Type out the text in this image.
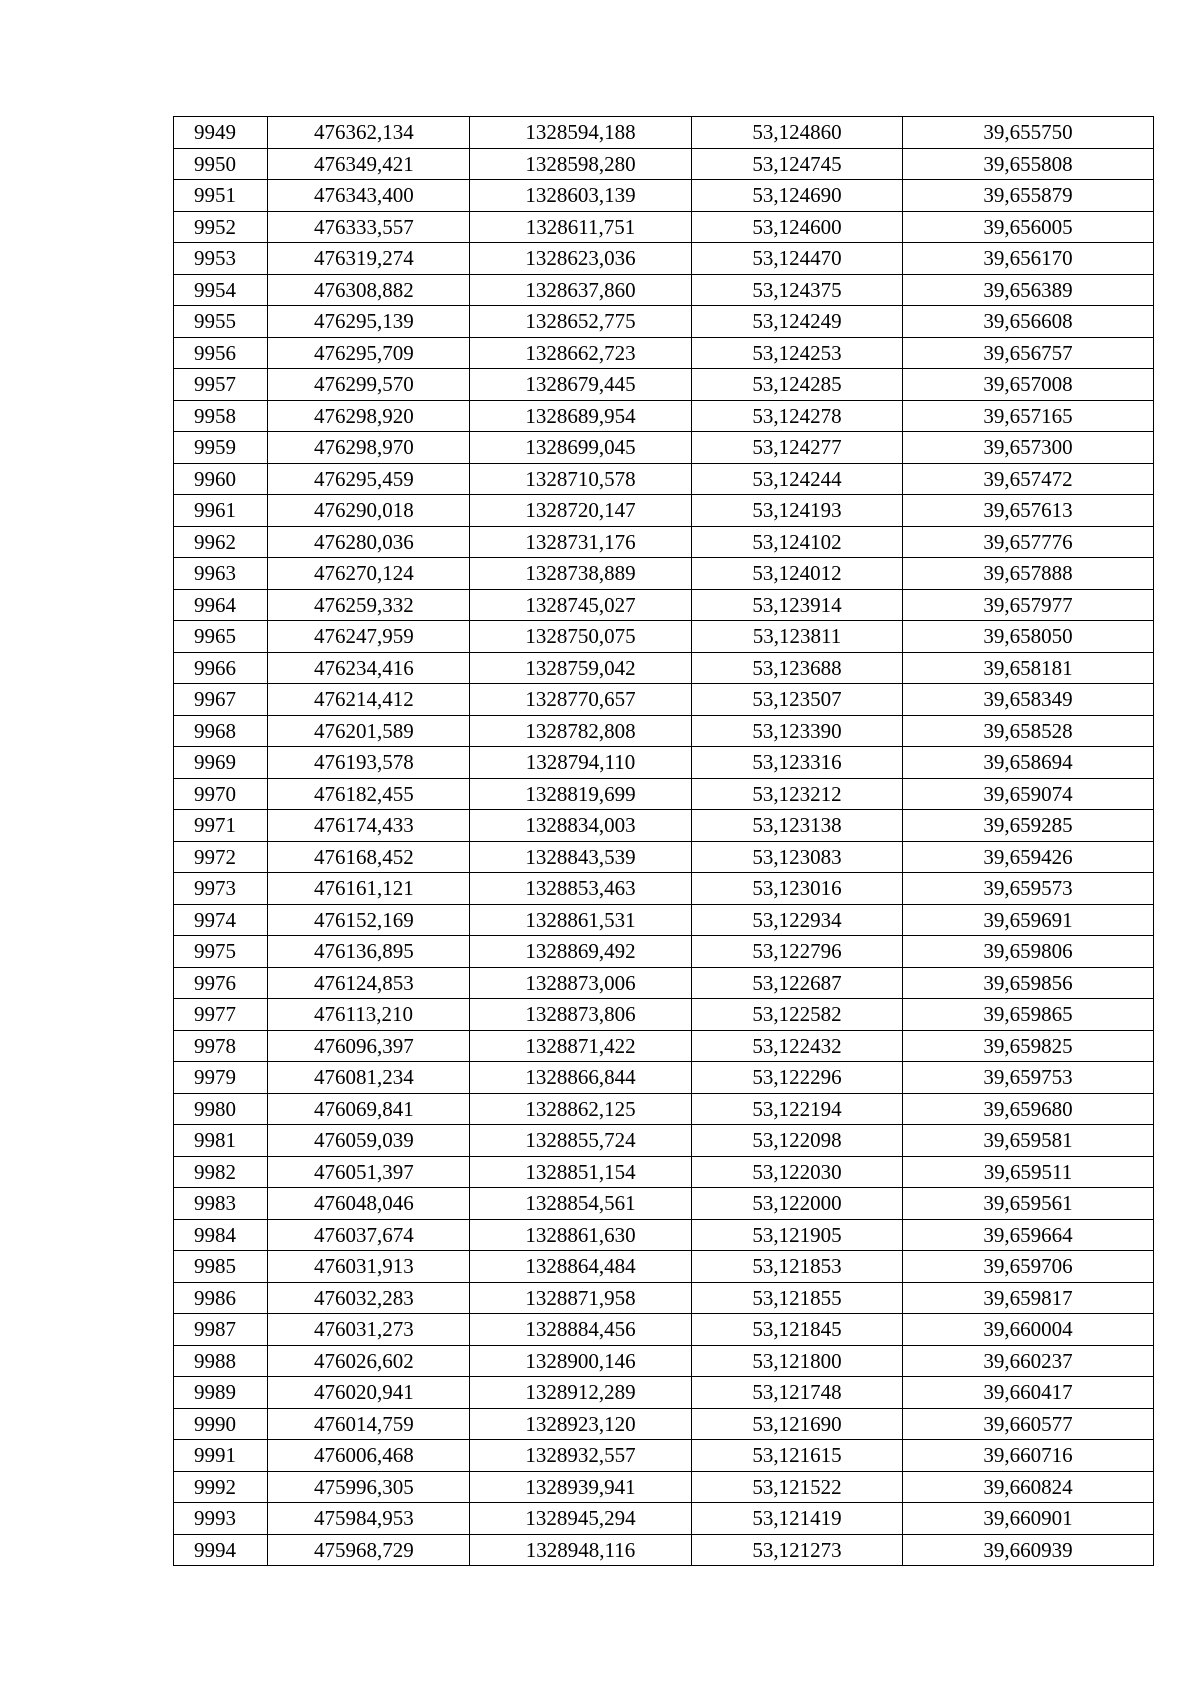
9949	476362,134	1328594,188	53,124860	39,655750
9950	476349,421	1328598,280	53,124745	39,655808
9951	476343,400	1328603,139	53,124690	39,655879
9952	476333,557	1328611,751	53,124600	39,656005
9953	476319,274	1328623,036	53,124470	39,656170
9954	476308,882	1328637,860	53,124375	39,656389
9955	476295,139	1328652,775	53,124249	39,656608
9956	476295,709	1328662,723	53,124253	39,656757
9957	476299,570	1328679,445	53,124285	39,657008
9958	476298,920	1328689,954	53,124278	39,657165
9959	476298,970	1328699,045	53,124277	39,657300
9960	476295,459	1328710,578	53,124244	39,657472
9961	476290,018	1328720,147	53,124193	39,657613
9962	476280,036	1328731,176	53,124102	39,657776
9963	476270,124	1328738,889	53,124012	39,657888
9964	476259,332	1328745,027	53,123914	39,657977
9965	476247,959	1328750,075	53,123811	39,658050
9966	476234,416	1328759,042	53,123688	39,658181
9967	476214,412	1328770,657	53,123507	39,658349
9968	476201,589	1328782,808	53,123390	39,658528
9969	476193,578	1328794,110	53,123316	39,658694
9970	476182,455	1328819,699	53,123212	39,659074
9971	476174,433	1328834,003	53,123138	39,659285
9972	476168,452	1328843,539	53,123083	39,659426
9973	476161,121	1328853,463	53,123016	39,659573
9974	476152,169	1328861,531	53,122934	39,659691
9975	476136,895	1328869,492	53,122796	39,659806
9976	476124,853	1328873,006	53,122687	39,659856
9977	476113,210	1328873,806	53,122582	39,659865
9978	476096,397	1328871,422	53,122432	39,659825
9979	476081,234	1328866,844	53,122296	39,659753
9980	476069,841	1328862,125	53,122194	39,659680
9981	476059,039	1328855,724	53,122098	39,659581
9982	476051,397	1328851,154	53,122030	39,659511
9983	476048,046	1328854,561	53,122000	39,659561
9984	476037,674	1328861,630	53,121905	39,659664
9985	476031,913	1328864,484	53,121853	39,659706
9986	476032,283	1328871,958	53,121855	39,659817
9987	476031,273	1328884,456	53,121845	39,660004
9988	476026,602	1328900,146	53,121800	39,660237
9989	476020,941	1328912,289	53,121748	39,660417
9990	476014,759	1328923,120	53,121690	39,660577
9991	476006,468	1328932,557	53,121615	39,660716
9992	475996,305	1328939,941	53,121522	39,660824
9993	475984,953	1328945,294	53,121419	39,660901
9994	475968,729	1328948,116	53,121273	39,660939
